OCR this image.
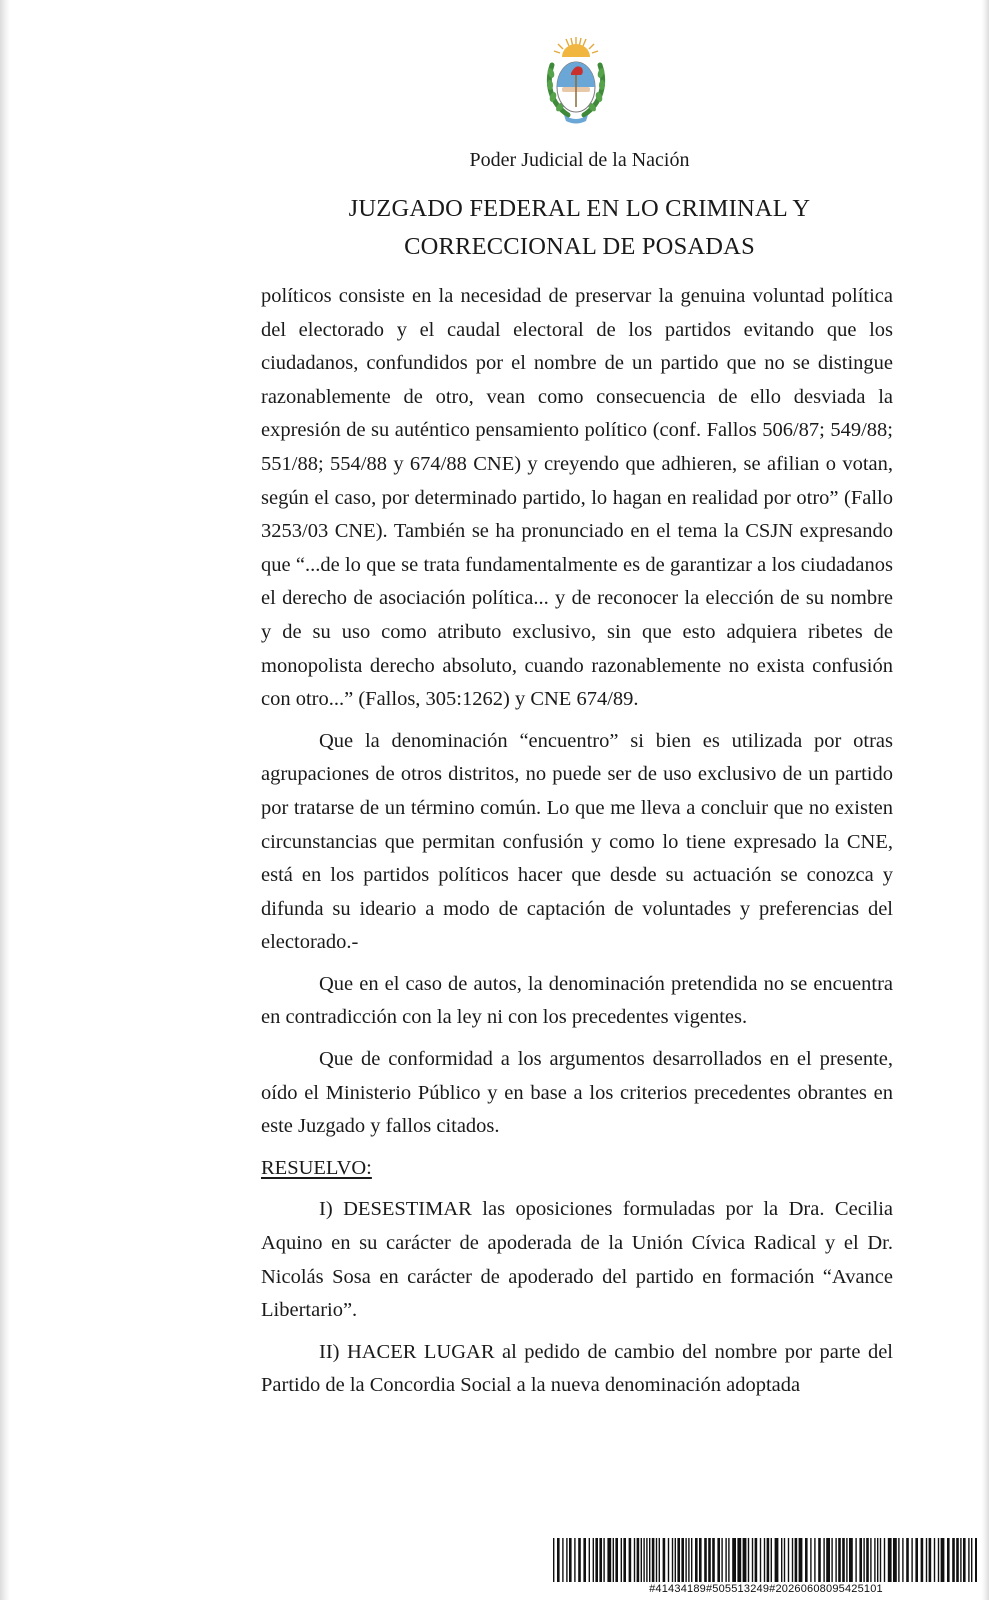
Poder Judicial de la Nación
JUZGADO FEDERAL EN LO CRIMINAL Y
CORRECCIONAL DE POSADAS

políticos consiste en la necesidad de preservar la genuina voluntad política del electorado y el caudal electoral de los partidos evitando que los ciudadanos, confundidos por el nombre de un partido que no se distingue razonablemente de otro, vean como consecuencia de ello desviada la expresión de su auténtico pensamiento político (conf. Fallos 506/87; 549/88; 551/88; 554/88 y 674/88 CNE) y creyendo que adhieren, se afilian o votan, según el caso, por determinado partido, lo hagan en realidad por otro” (Fallo 3253/03 CNE). También se ha pronunciado en el tema la CSJN expresando que “...de lo que se trata fundamentalmente es de garantizar a los ciudadanos el derecho de asociación política... y de reconocer la elección de su nombre y de su uso como atributo exclusivo, sin que esto adquiera ribetes de monopolista derecho absoluto, cuando razonablemente no exista confusión con otro...” (Fallos, 305:1262) y CNE 674/89.

Que la denominación “encuentro” si bien es utilizada por otras agrupaciones de otros distritos, no puede ser de uso exclusivo de un partido por tratarse de un término común. Lo que me lleva a concluir que no existen circunstancias que permitan confusión y como lo tiene expresado la CNE, está en los partidos políticos hacer que desde su actuación se conozca y difunda su ideario a modo de captación de voluntades y preferencias del electorado.-

Que en el caso de autos, la denominación pretendida no se encuentra en contradicción con la ley ni con los precedentes vigentes.

Que de conformidad a los argumentos desarrollados en el presente, oído el Ministerio Público y en base a los criterios precedentes obrantes en este Juzgado y fallos citados.

RESUELVO:

I) DESESTIMAR las oposiciones formuladas por la Dra. Cecilia Aquino en su carácter de apoderada de la Unión Cívica Radical y el Dr. Nicolás Sosa en carácter de apoderado del partido en formación “Avance Libertario”.

II) HACER LUGAR al pedido de cambio del nombre por parte del Partido de la Concordia Social a la nueva denominación adoptada

#41434189#505513249#20260608095425101
